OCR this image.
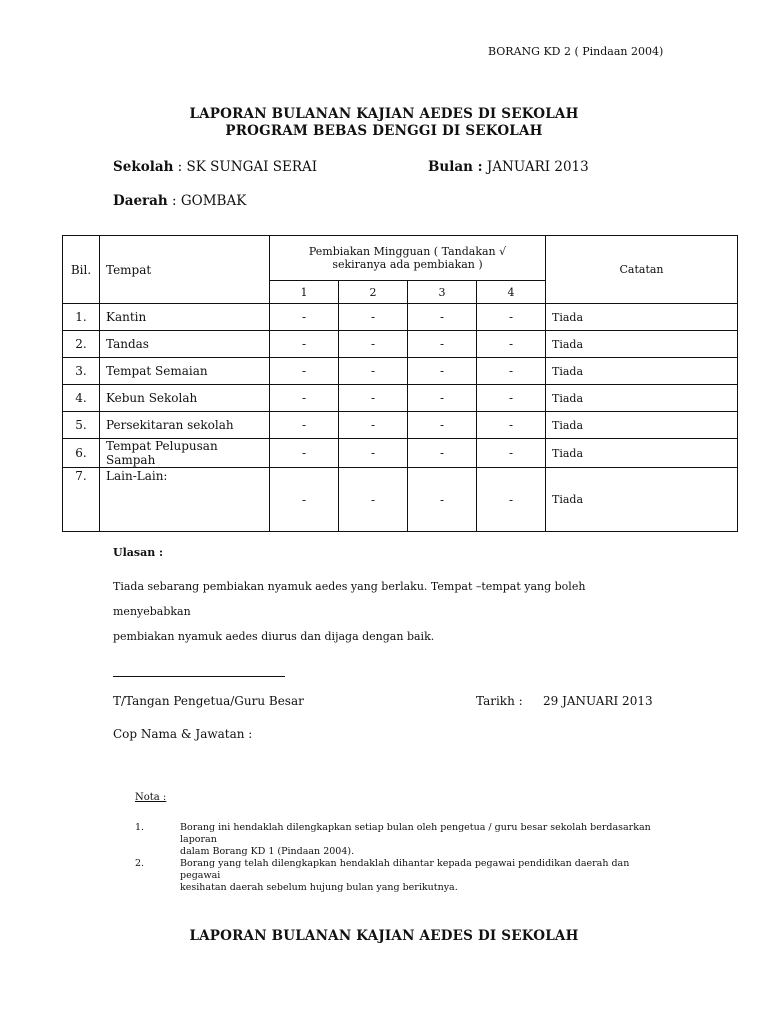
BORANG KD 2 ( Pindaan 2004)
LAPORAN BULANAN KAJIAN AEDES DI SEKOLAH
PROGRAM BEBAS DENGGI DI SEKOLAH
Sekolah : SK SUNGAI SERAI	Bulan : JANUARI 2013
Daerah : GOMBAK
Bil.	Tempat	Pembiakan Mingguan ( Tandakan √
sekiranya ada pembiakan )				Catatan
		1	2	3	4	
1.	Kantin	-	-	-	-	Tiada
2.	Tandas	-	-	-	-	Tiada
3.	Tempat Semaian	-	-	-	-	Tiada
4.	Kebun Sekolah	-	-	-	-	Tiada
5.	Persekitaran sekolah	-	-	-	-	Tiada
6.	Tempat Pelupusan Sampah	-	-	-	-	Tiada
7.	Lain-Lain:	-	-	-	-	Tiada
Ulasan :
Tiada sebarang pembiakan nyamuk aedes yang berlaku. Tempat –tempat yang boleh menyebabkan
pembiakan nyamuk aedes diurus dan dijaga dengan baik.
T/Tangan Pengetua/Guru Besar	Tarikh : 29 JANUARI 2013
Cop Nama & Jawatan :
Nota :
1.	Borang ini hendaklah dilengkapkan setiap bulan oleh pengetua / guru besar sekolah berdasarkan laporan
dalam Borang KD 1 (Pindaan 2004).
2.	Borang yang telah dilengkapkan hendaklah dihantar kepada pegawai pendidikan daerah dan pegawai
kesihatan daerah sebelum hujung bulan yang berikutnya.
LAPORAN BULANAN KAJIAN AEDES DI SEKOLAH
